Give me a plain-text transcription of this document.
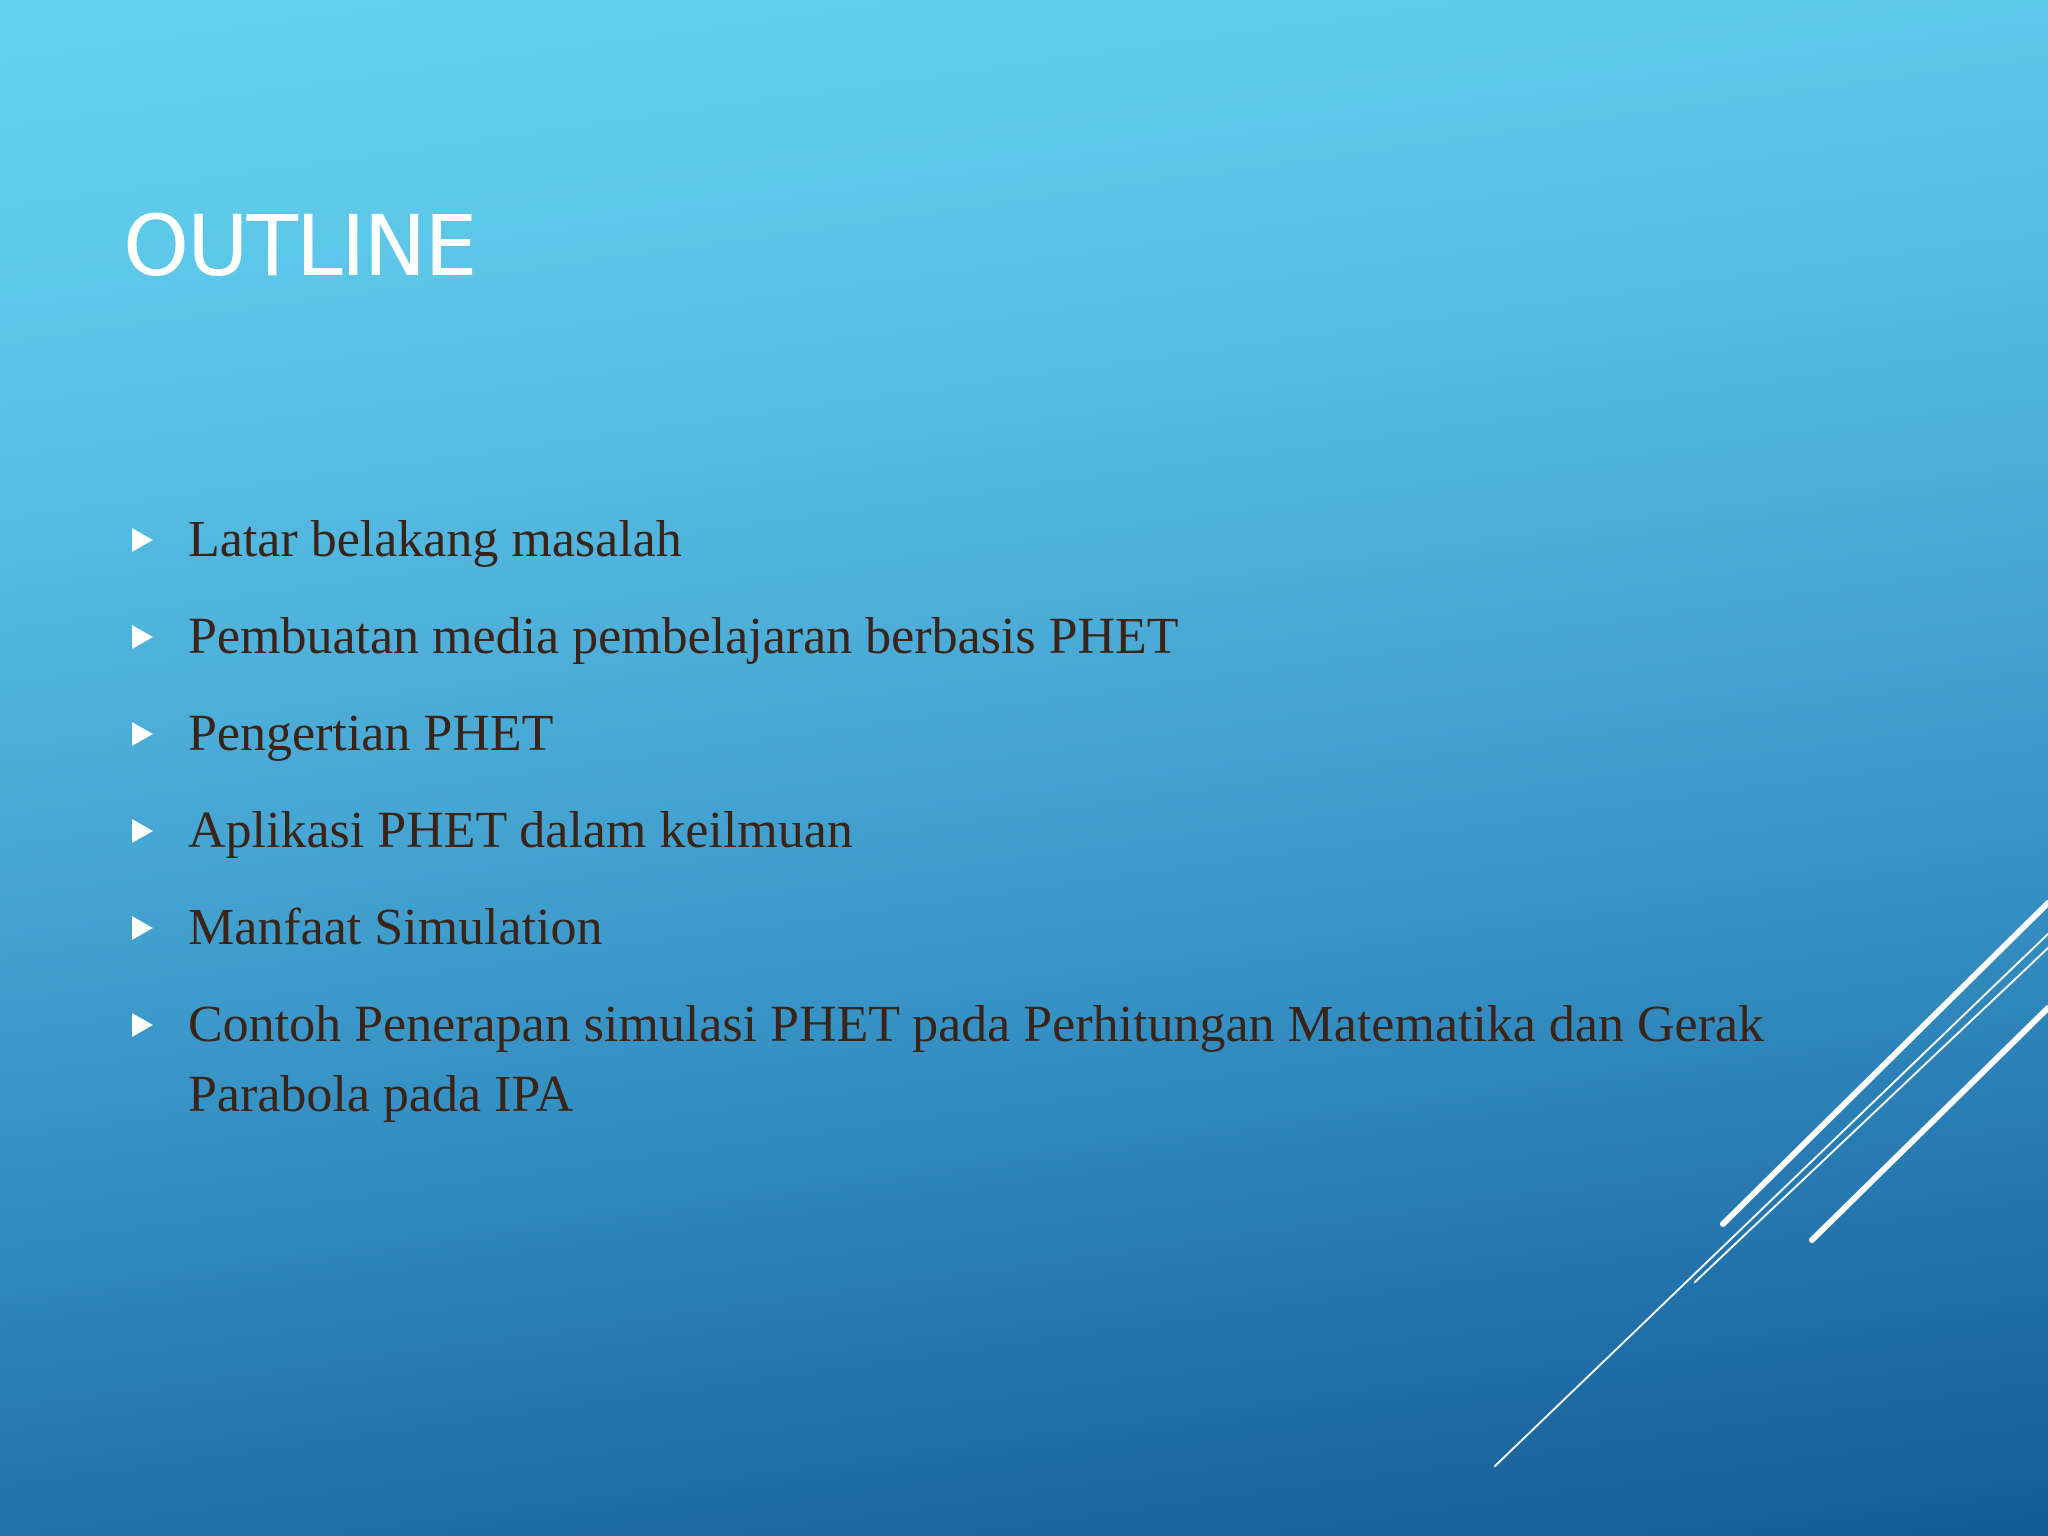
OUTLINE
Latar belakang masalah
Pembuatan media pembelajaran berbasis PHET
Pengertian PHET
Aplikasi PHET dalam keilmuan
Manfaat Simulation
Contoh Penerapan simulasi PHET pada Perhitungan Matematika dan Gerak Parabola pada IPA
